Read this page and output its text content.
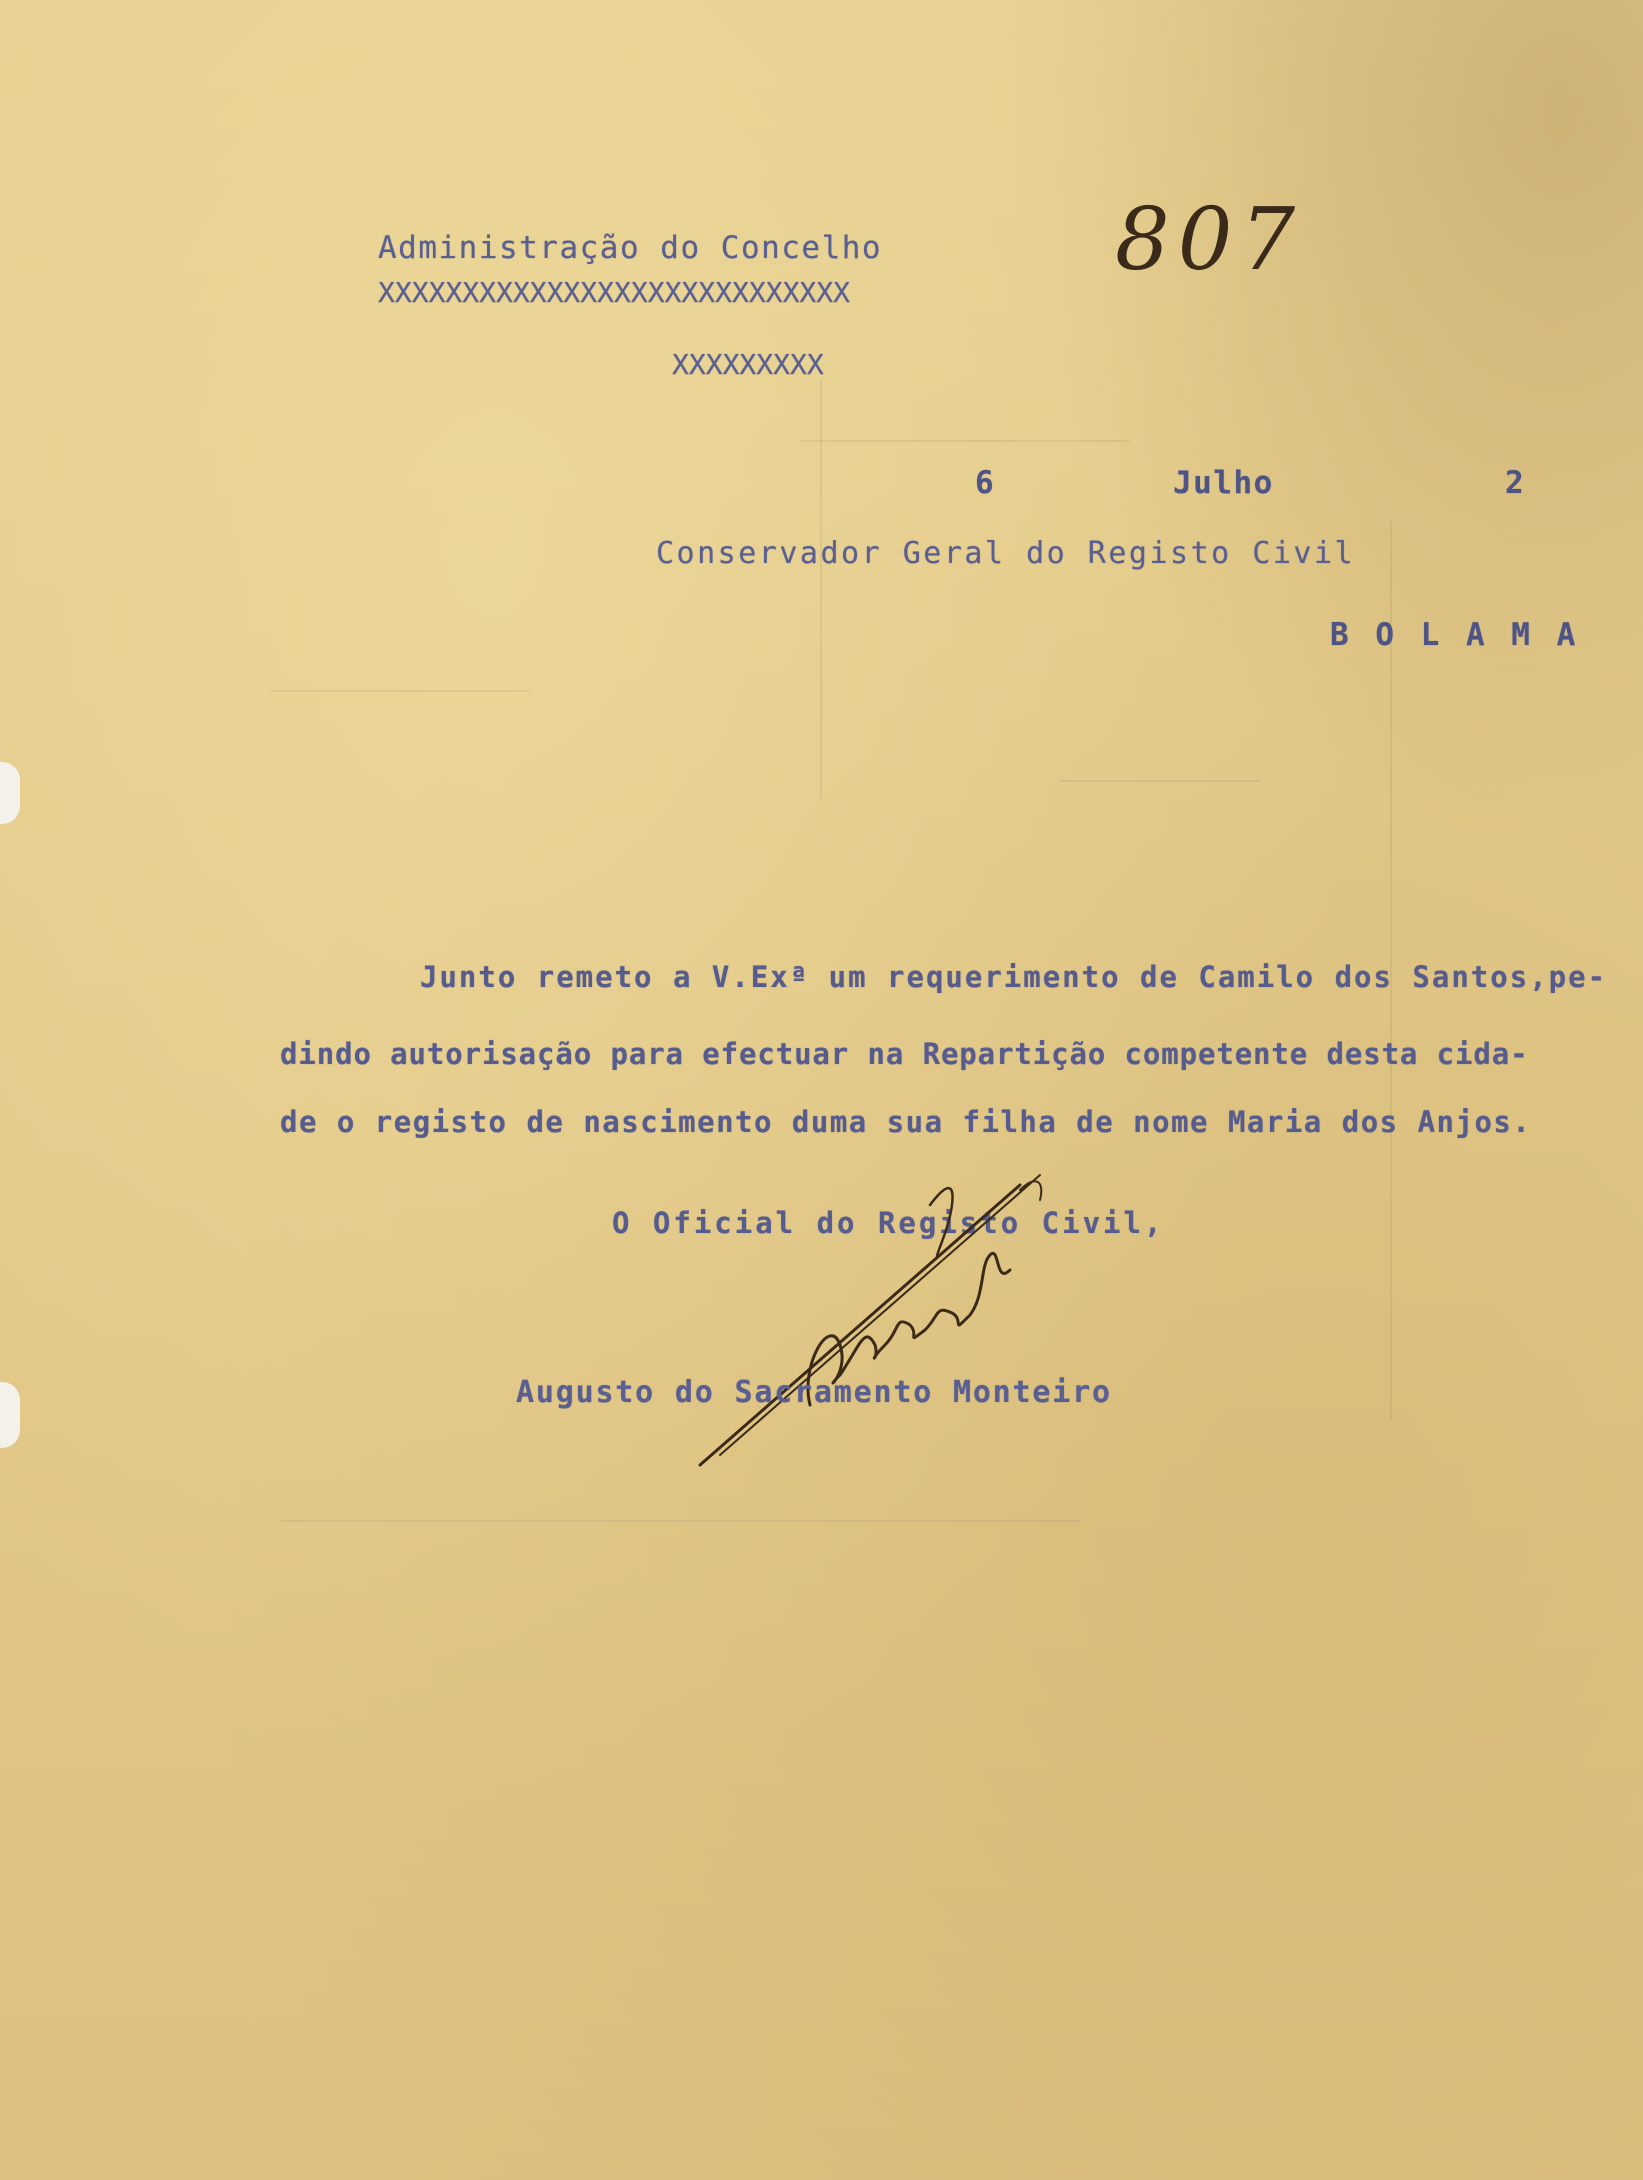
807
Administração do Concelho
XXXXXXXXXXXXXXXXXXXXXXXXXXXX
XXXXXXXXX
6	Julho	2
Conservador Geral do Registo Civil
B O L A M A
Junto remeto a V.Exª um requerimento de Camilo dos Santos,pe-
dindo autorisação para efectuar na Repartição competente desta cida-
de o registo de nascimento duma sua filha de nome Maria dos Anjos.
O Oficial do Registo Civil,
Augusto do Sacramento Monteiro
